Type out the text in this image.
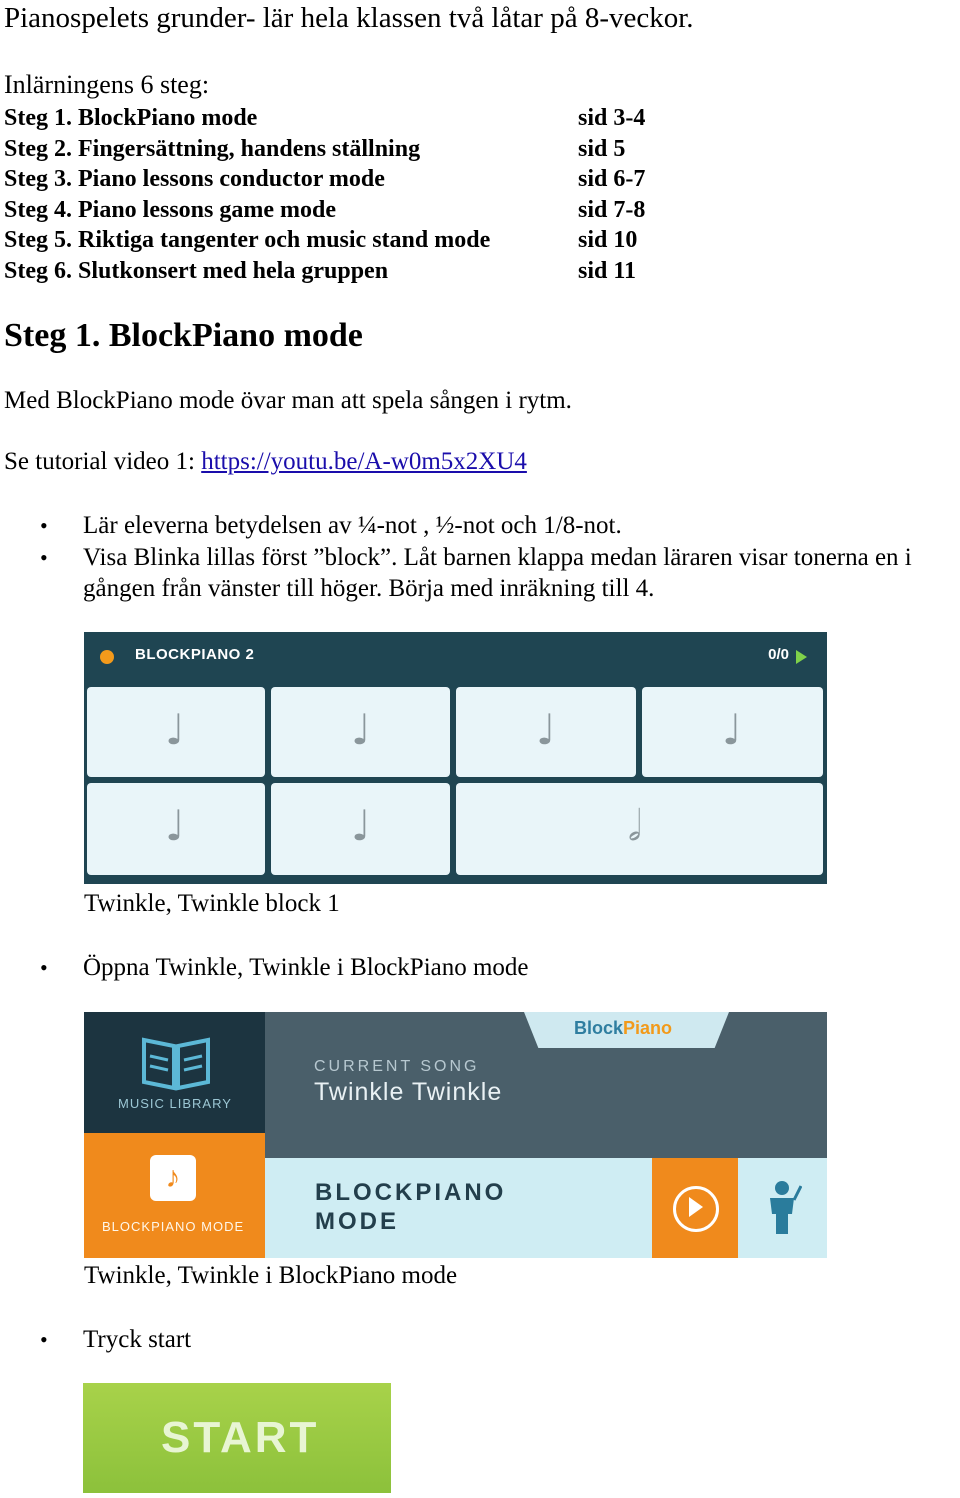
Pianospelets grunder- lär hela klassen två låtar på 8-veckor.
Inlärningens 6 steg:
Steg 1. BlockPiano mode	sid 3-4
Steg 2. Fingersättning, handens ställning	sid 5
Steg 3. Piano lessons conductor mode	sid 6-7
Steg 4. Piano lessons game mode	sid 7-8
Steg 5. Riktiga tangenter och music stand mode	sid 10
Steg 6. Slutkonsert med hela gruppen	sid 11
Steg 1. BlockPiano mode
Med BlockPiano mode övar man att spela sången i rytm.
Se tutorial video 1: https://youtu.be/A-w0m5x2XU4
• Lär eleverna betydelsen av ¼-not , ½-not och 1/8-not.
• Visa Blinka lillas först ”block”. Låt barnen klappa medan läraren visar tonerna en i
gången från vänster till höger. Börja med inräkning till 4.
BLOCKPIANO 2	0/0
♩	♩	♩	♩
♩	♩	𝅗𝅥
Twinkle, Twinkle block 1
• Öppna Twinkle, Twinkle i BlockPiano mode
MUSIC LIBRARY
BlockPiano
CURRENT SONG
Twinkle Twinkle
♪
BLOCKPIANO MODE
BLOCKPIANO
MODE
Twinkle, Twinkle i BlockPiano mode
• Tryck start
START
